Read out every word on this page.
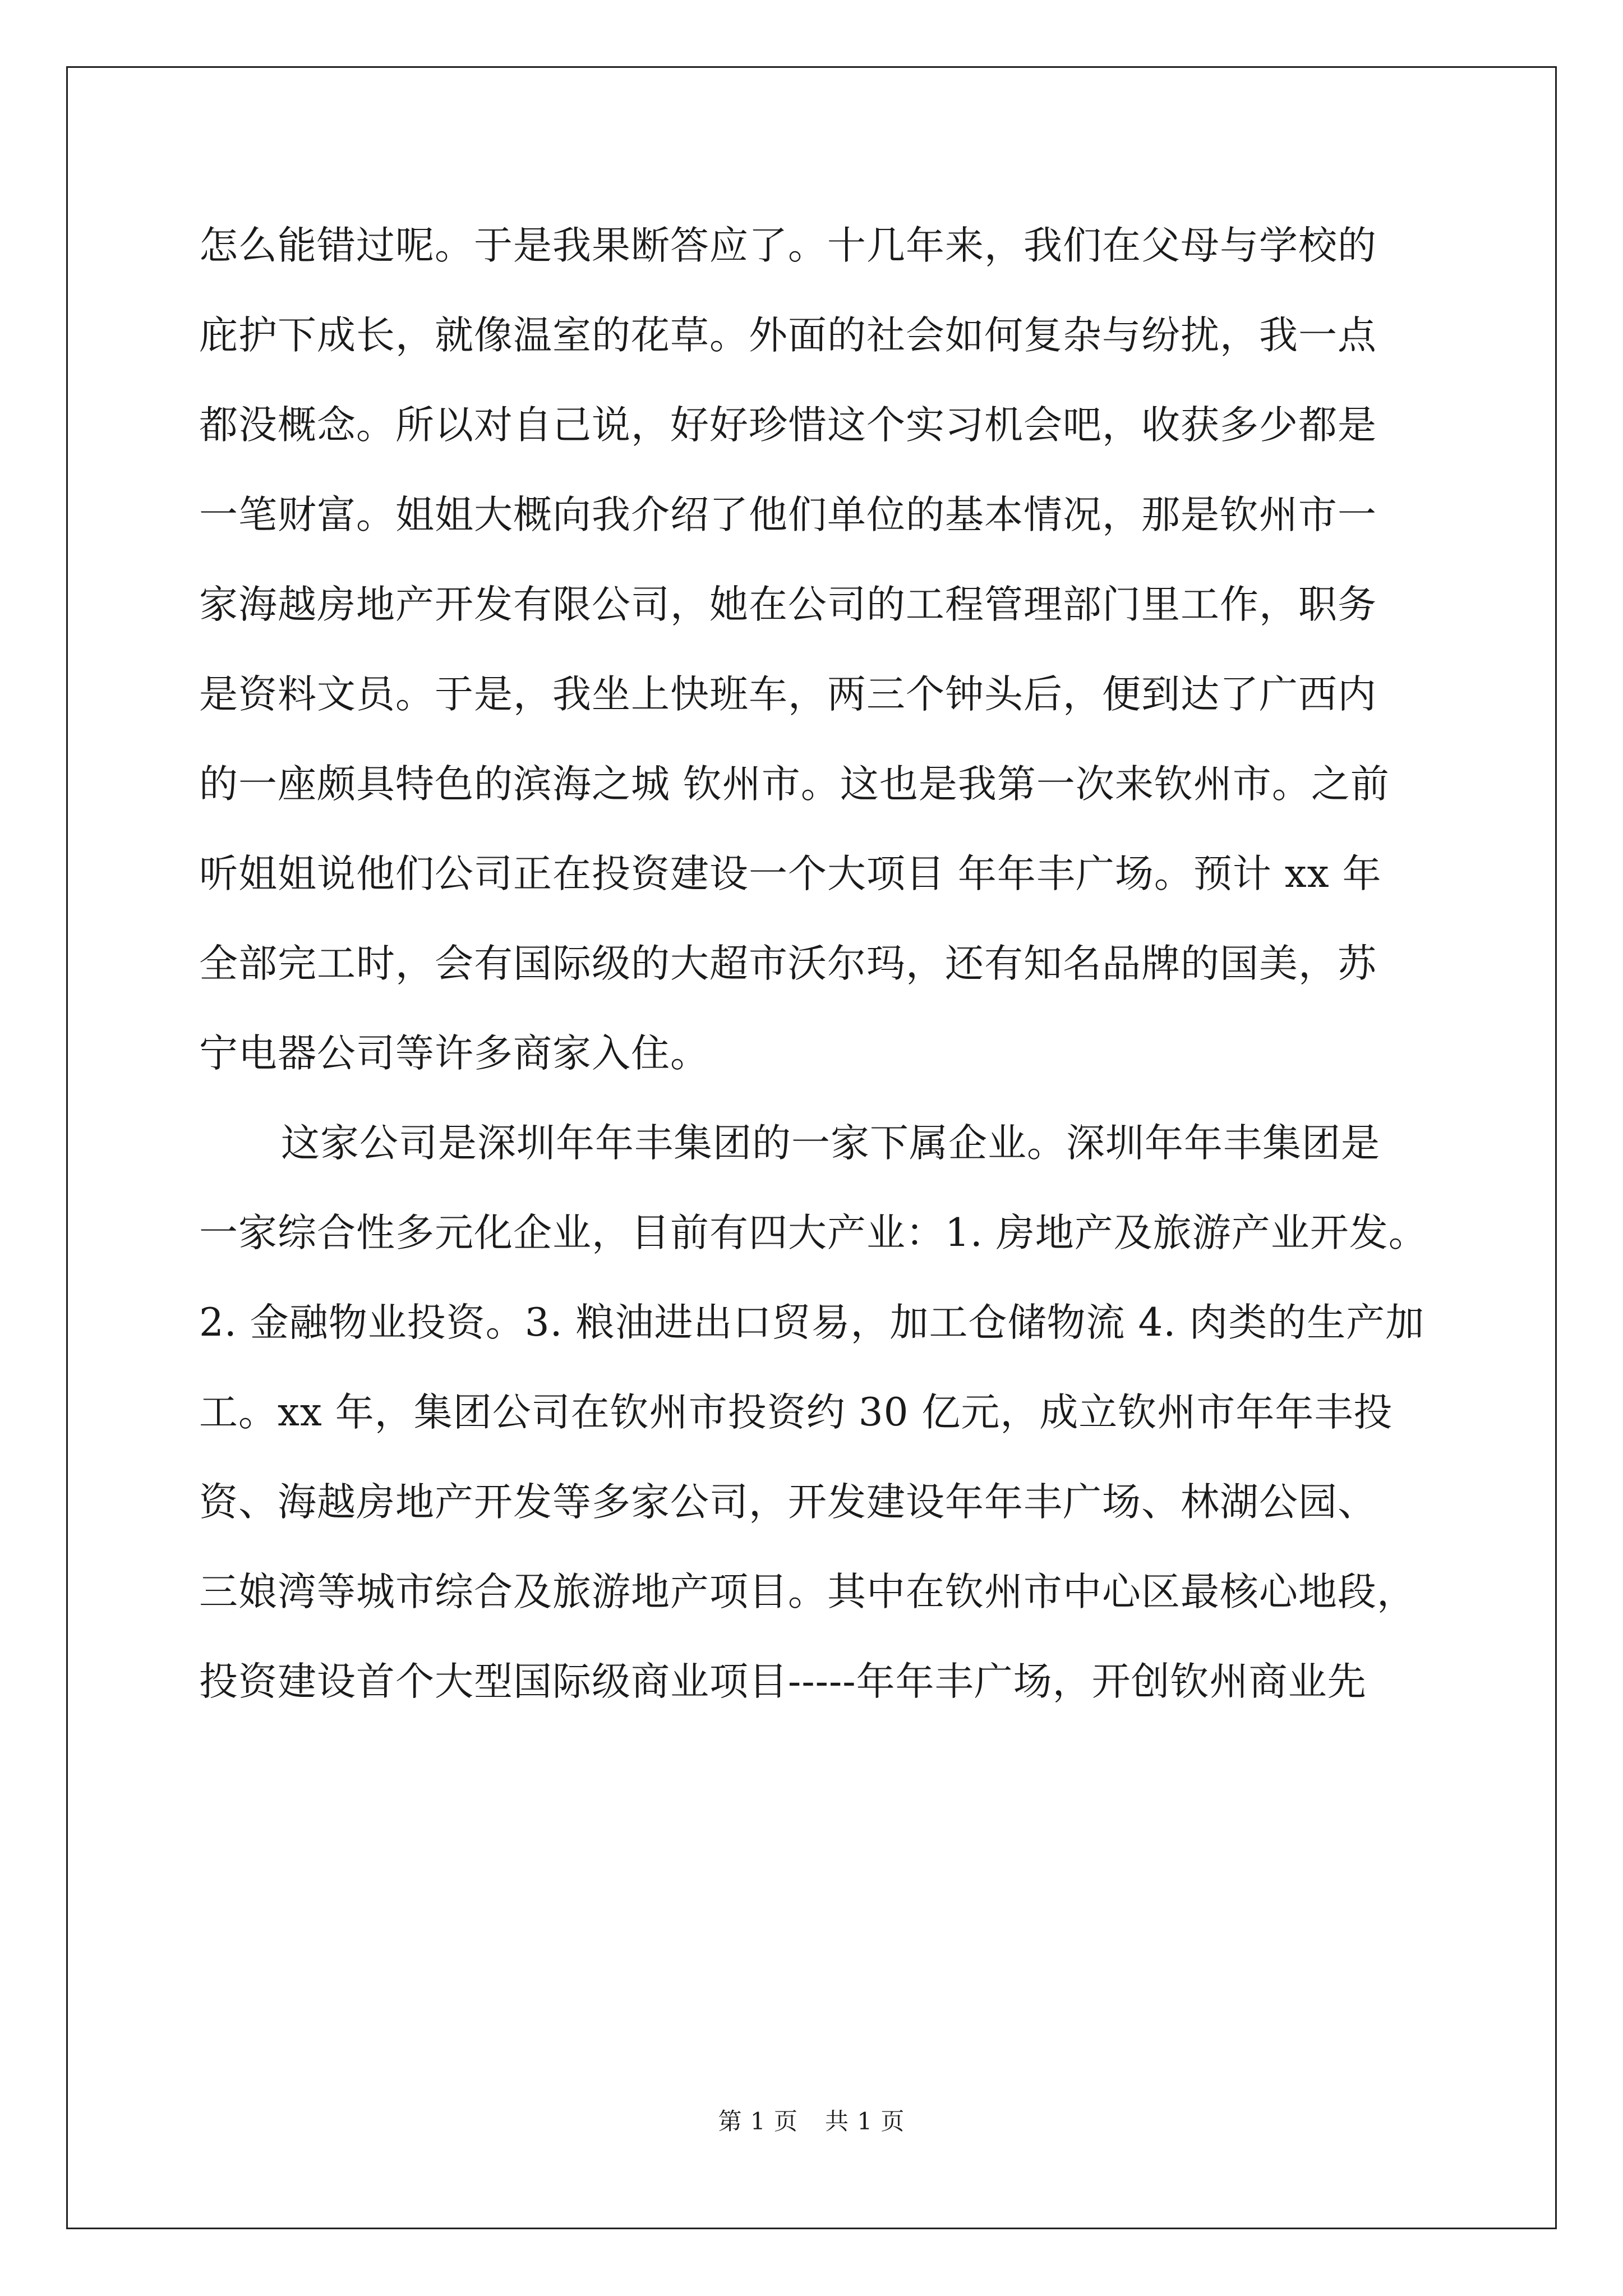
怎么能错过呢。于是我果断答应了。十几年来，我们在父母与学校的
庇护下成长，就像温室的花草。外面的社会如何复杂与纷扰，我一点
都没概念。所以对自己说，好好珍惜这个实习机会吧，收获多少都是
一笔财富。姐姐大概向我介绍了他们单位的基本情况，那是钦州市一
家海越房地产开发有限公司，她在公司的工程管理部门里工作，职务
是资料文员。于是，我坐上快班车，两三个钟头后，便到达了广西内
的一座颇具特色的滨海之城 钦州市。这也是我第一次来钦州市。之前
听姐姐说他们公司正在投资建设一个大项目 年年丰广场。预计 xx 年
全部完工时，会有国际级的大超市沃尔玛，还有知名品牌的国美，苏
宁电器公司等许多商家入住。
这家公司是深圳年年丰集团的一家下属企业。深圳年年丰集团是
一家综合性多元化企业，目前有四大产业：1. 房地产及旅游产业开发。
2. 金融物业投资。3. 粮油进出口贸易，加工仓储物流 4. 肉类的生产加
工。xx 年，集团公司在钦州市投资约 30 亿元，成立钦州市年年丰投
资、海越房地产开发等多家公司，开发建设年年丰广场、林湖公园、
三娘湾等城市综合及旅游地产项目。其中在钦州市中心区最核心地段，
投资建设首个大型国际级商业项目-----年年丰广场，开创钦州商业先
第 1 页 共 1 页
